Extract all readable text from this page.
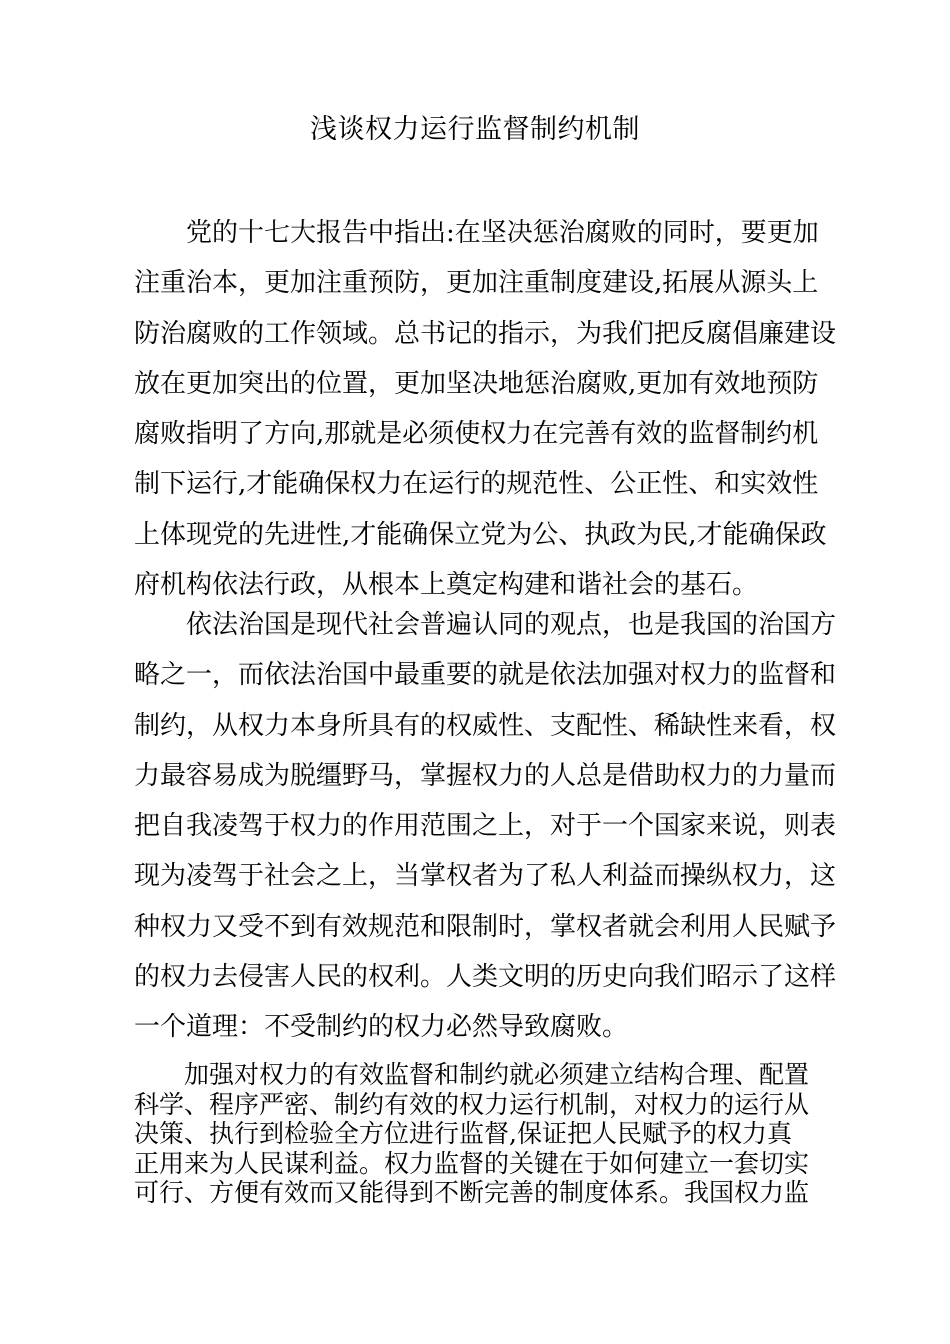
浅谈权力运行监督制约机制

　　党的十七大报告中指出:在坚决惩治腐败的同时，要更加
注重治本，更加注重预防，更加注重制度建设,拓展从源头上
防治腐败的工作领域。总书记的指示，为我们把反腐倡廉建设
放在更加突出的位置，更加坚决地惩治腐败,更加有效地预防
腐败指明了方向,那就是必须使权力在完善有效的监督制约机
制下运行,才能确保权力在运行的规范性、公正性、和实效性
上体现党的先进性,才能确保立党为公、执政为民,才能确保政
府机构依法行政，从根本上奠定构建和谐社会的基石。

　　依法治国是现代社会普遍认同的观点，也是我国的治国方
略之一，而依法治国中最重要的就是依法加强对权力的监督和
制约，从权力本身所具有的权威性、支配性、稀缺性来看，权
力最容易成为脱缰野马，掌握权力的人总是借助权力的力量而
把自我凌驾于权力的作用范围之上，对于一个国家来说，则表
现为凌驾于社会之上，当掌权者为了私人利益而操纵权力，这
种权力又受不到有效规范和限制时，掌权者就会利用人民赋予
的权力去侵害人民的权利。人类文明的历史向我们昭示了这样
一个道理：不受制约的权力必然导致腐败。

　　加强对权力的有效监督和制约就必须建立结构合理、配置
科学、程序严密、制约有效的权力运行机制，对权力的运行从
决策、执行到检验全方位进行监督,保证把人民赋予的权力真
正用来为人民谋利益。权力监督的关键在于如何建立一套切实
可行、方便有效而又能得到不断完善的制度体系。我国权力监
